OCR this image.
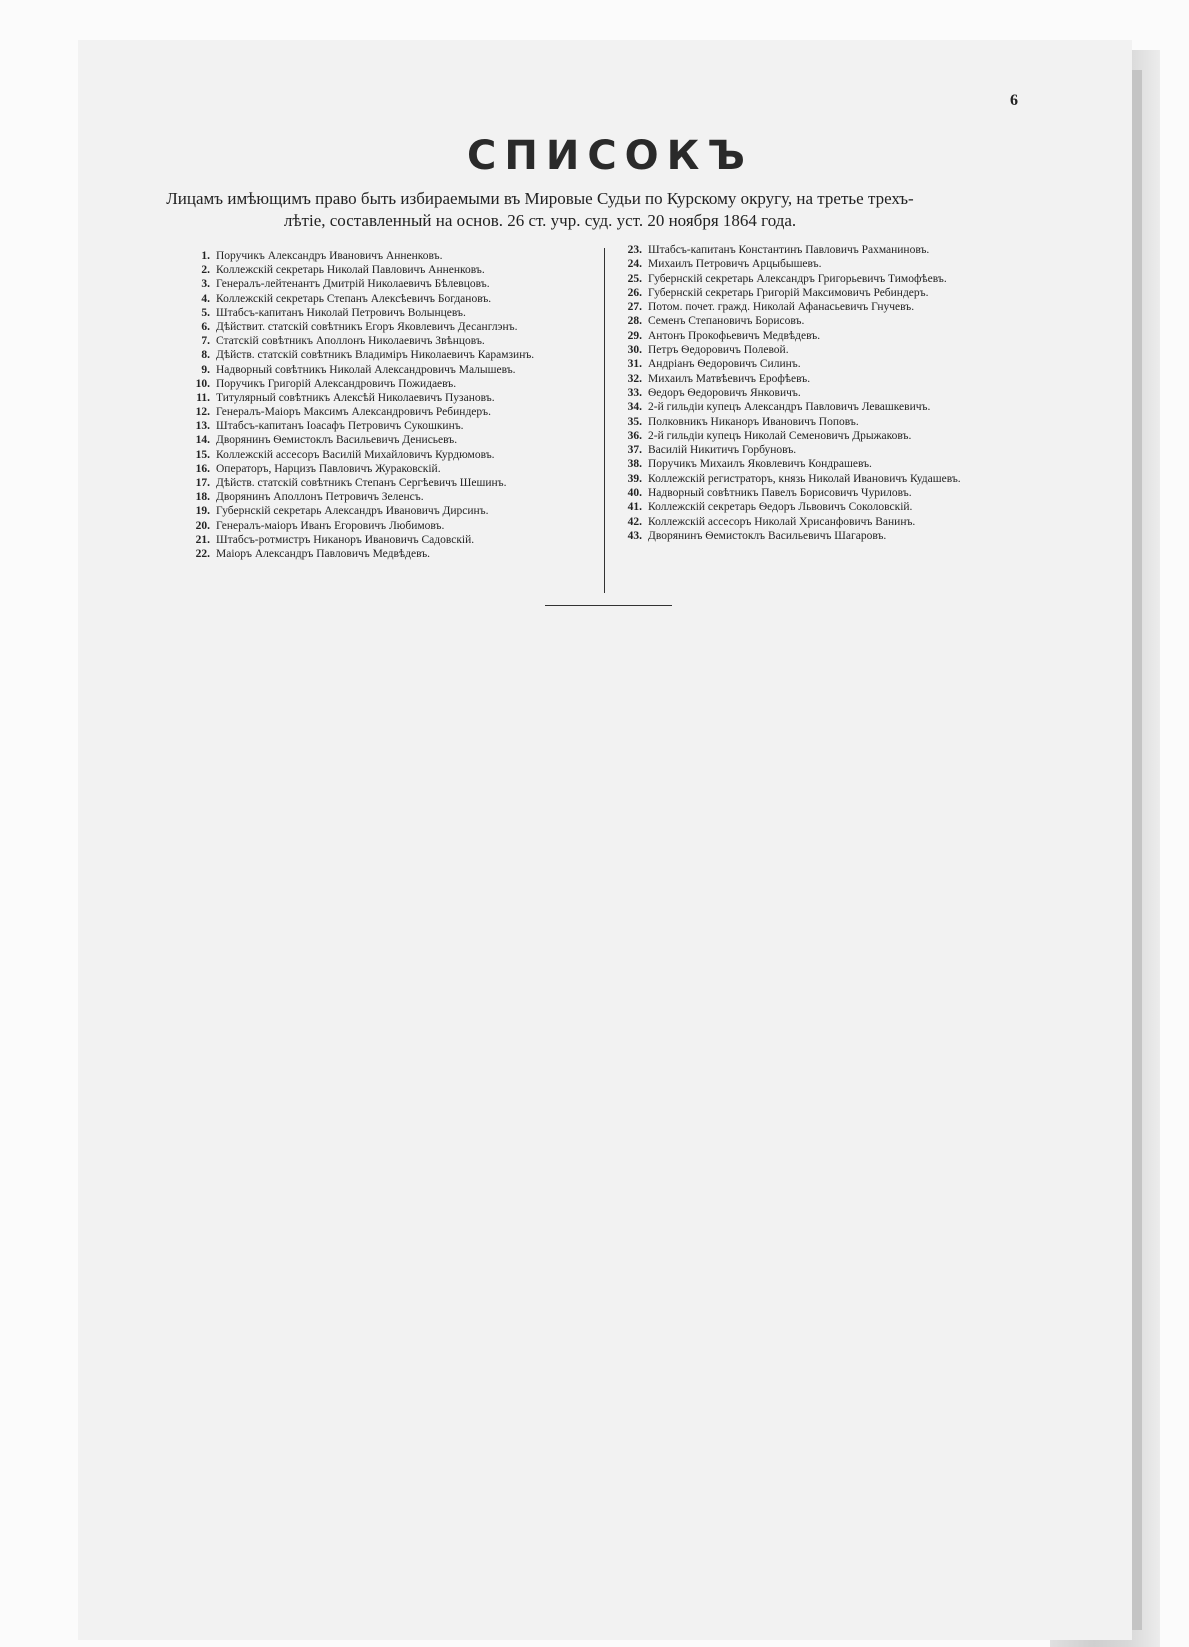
6
СПИСОКЪ
Лицамъ имѣющимъ право быть избираемыми въ Мировые Судьи по Курскому округу, на третье трехъ-лѣтіе, составленный на основ. 26 ст. учр. суд. уст. 20 ноября 1864 года.
1. Поручикъ Александръ Ивановичъ Анненковъ.
2. Коллежскій секретарь Николай Павловичъ Анненковъ.
3. Генералъ-лейтенантъ Дмитрій Николаевичъ Бѣлевцовъ.
4. Коллежскій секретарь Степанъ Алексѣевичъ Богдановъ.
5. Штабсъ-капитанъ Николай Петровичъ Волынцевъ.
6. Дѣйствит. статскій совѣтникъ Егоръ Яковлевичъ Десанглэнъ.
7. Статскій совѣтникъ Аполлонъ Николаевичъ Звѣнцовъ.
8. Дѣйств. статскій совѣтникъ Владиміръ Николаевичъ Карамзинъ.
9. Надворный совѣтникъ Николай Александровичъ Малышевъ.
10. Поручикъ Григорій Александровичъ Пожидаевъ.
11. Титулярный совѣтникъ Алексѣй Николаевичъ Пузановъ.
12. Генералъ-Маіоръ Максимъ Александровичъ Ребиндеръ.
13. Штабсъ-капитанъ Іоасафъ Петровичъ Сукошкинъ.
14. Дворянинъ Ѳемистоклъ Васильевичъ Денисьевъ.
15. Коллежскій ассесоръ Василій Михайловичъ Курдюмовъ.
16. Операторъ, Нарцизъ Павловичъ Жураковскій.
17. Дѣйств. статскій совѣтникъ Степанъ Сергѣевичъ Шешинъ.
18. Дворянинъ Аполлонъ Петровичъ Зеленсъ.
19. Губернскій секретарь Александръ Ивановичъ Дирсинъ.
20. Генералъ-маіоръ Иванъ Егоровичъ Любимовъ.
21. Штабсъ-ротмистръ Никаноръ Ивановичъ Садовскій.
22. Маіоръ Александръ Павловичъ Медвѣдевъ.
23. Штабсъ-капитанъ Константинъ Павловичъ Рахманиновъ.
24. Михаилъ Петровичъ Арцыбышевъ.
25. Губернскій секретарь Александръ Григорьевичъ Тимофѣевъ.
26. Губернскій секретарь Григорій Максимовичъ Ребиндеръ.
27. Потом. почет. гражд. Николай Афанасьевичъ Гнучевъ.
28. Семенъ Степановичъ Борисовъ.
29. Антонъ Прокофьевичъ Медвѣдевъ.
30. Петръ Ѳедоровичъ Полевой.
31. Андріанъ Ѳедоровичъ Силинъ.
32. Михаилъ Матвѣевичъ Ерофѣевъ.
33. Ѳедоръ Ѳедоровичъ Янковичъ.
34. 2-й гильдіи купецъ Александръ Павловичъ Левашкевичъ.
35. Полковникъ Никаноръ Ивановичъ Поповъ.
36. 2-й гильдіи купецъ Николай Семеновичъ Дрыжаковъ.
37. Василій Никитичъ Горбуновъ.
38. Поручикъ Михаилъ Яковлевичъ Кондрашевъ.
39. Коллежскій регистраторъ, князь Николай Ивановичъ Кудашевъ.
40. Надворный совѣтникъ Павелъ Борисовичъ Чуриловъ.
41. Коллежскій секретарь Ѳедоръ Львовичъ Соколовскій.
42. Коллежскій ассесоръ Николай Хрисанфовичъ Ванинъ.
43. Дворянинъ Ѳемистоклъ Васильевичъ Шагаровъ.
